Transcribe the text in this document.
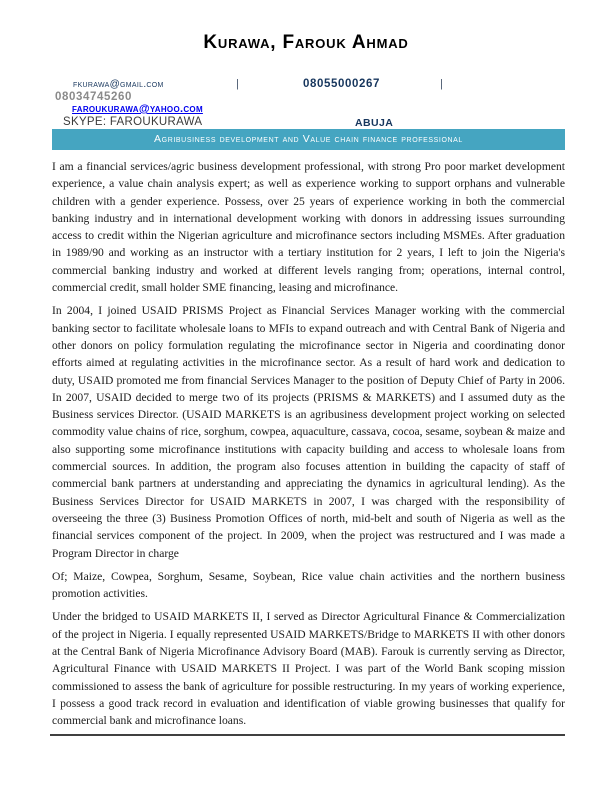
Kurawa, Farouk Ahmad
fkurawa@gmail.com	|	08055000267	|
08034745260
faroukurawa@yahoo.com
SKYPE: FAROUKURAWA	ABUJA
Agribusiness development and Value chain finance professional

I am a financial services/agric business development professional, with strong Pro poor market development experience, a value chain analysis expert; as well as experience working to support orphans and vulnerable children with a gender experience. Possess, over 25 years of experience working in both the commercial banking industry and in international development working with donors in addressing issues surrounding access to credit within the Nigerian agriculture and microfinance sectors including MSMEs. After graduation in 1989/90 and working as an instructor with a tertiary institution for 2 years, I left to join the Nigeria's commercial banking industry and worked at different levels ranging from; operations, internal control, commercial credit, small holder SME financing, leasing and microfinance.

In 2004, I joined USAID PRISMS Project as Financial Services Manager working with the commercial banking sector to facilitate wholesale loans to MFIs to expand outreach and with Central Bank of Nigeria and other donors on policy formulation regulating the microfinance sector in Nigeria and coordinating donor efforts aimed at regulating activities in the microfinance sector. As a result of hard work and dedication to duty, USAID promoted me from financial Services Manager to the position of Deputy Chief of Party in 2006. In 2007, USAID decided to merge two of its projects (PRISMS & MARKETS) and I assumed duty as the Business services Director. (USAID MARKETS is an agribusiness development project working on selected commodity value chains of rice, sorghum, cowpea, aquaculture, cassava, cocoa, sesame, soybean & maize and also supporting some microfinance institutions with capacity building and access to wholesale loans from commercial sources. In addition, the program also focuses attention in building the capacity of staff of commercial bank partners at understanding and appreciating the dynamics in agricultural lending). As the Business Services Director for USAID MARKETS in 2007, I was charged with the responsibility of overseeing the three (3) Business Promotion Offices of north, mid-belt and south of Nigeria as well as the financial services component of the project. In 2009, when the project was restructured and I was made a Program Director in charge

Of; Maize, Cowpea, Sorghum, Sesame, Soybean, Rice value chain activities and the northern business promotion activities.

Under the bridged to USAID MARKETS II, I served as Director Agricultural Finance & Commercialization of the project in Nigeria. I equally represented USAID MARKETS/Bridge to MARKETS II with other donors at the Central Bank of Nigeria Microfinance Advisory Board (MAB). Farouk is currently serving as Director, Agricultural Finance with USAID MARKETS II Project. I was part of the World Bank scoping mission commissioned to assess the bank of agriculture for possible restructuring. In my years of working experience, I possess a good track record in evaluation and identification of viable growing businesses that qualify for commercial bank and microfinance loans.
